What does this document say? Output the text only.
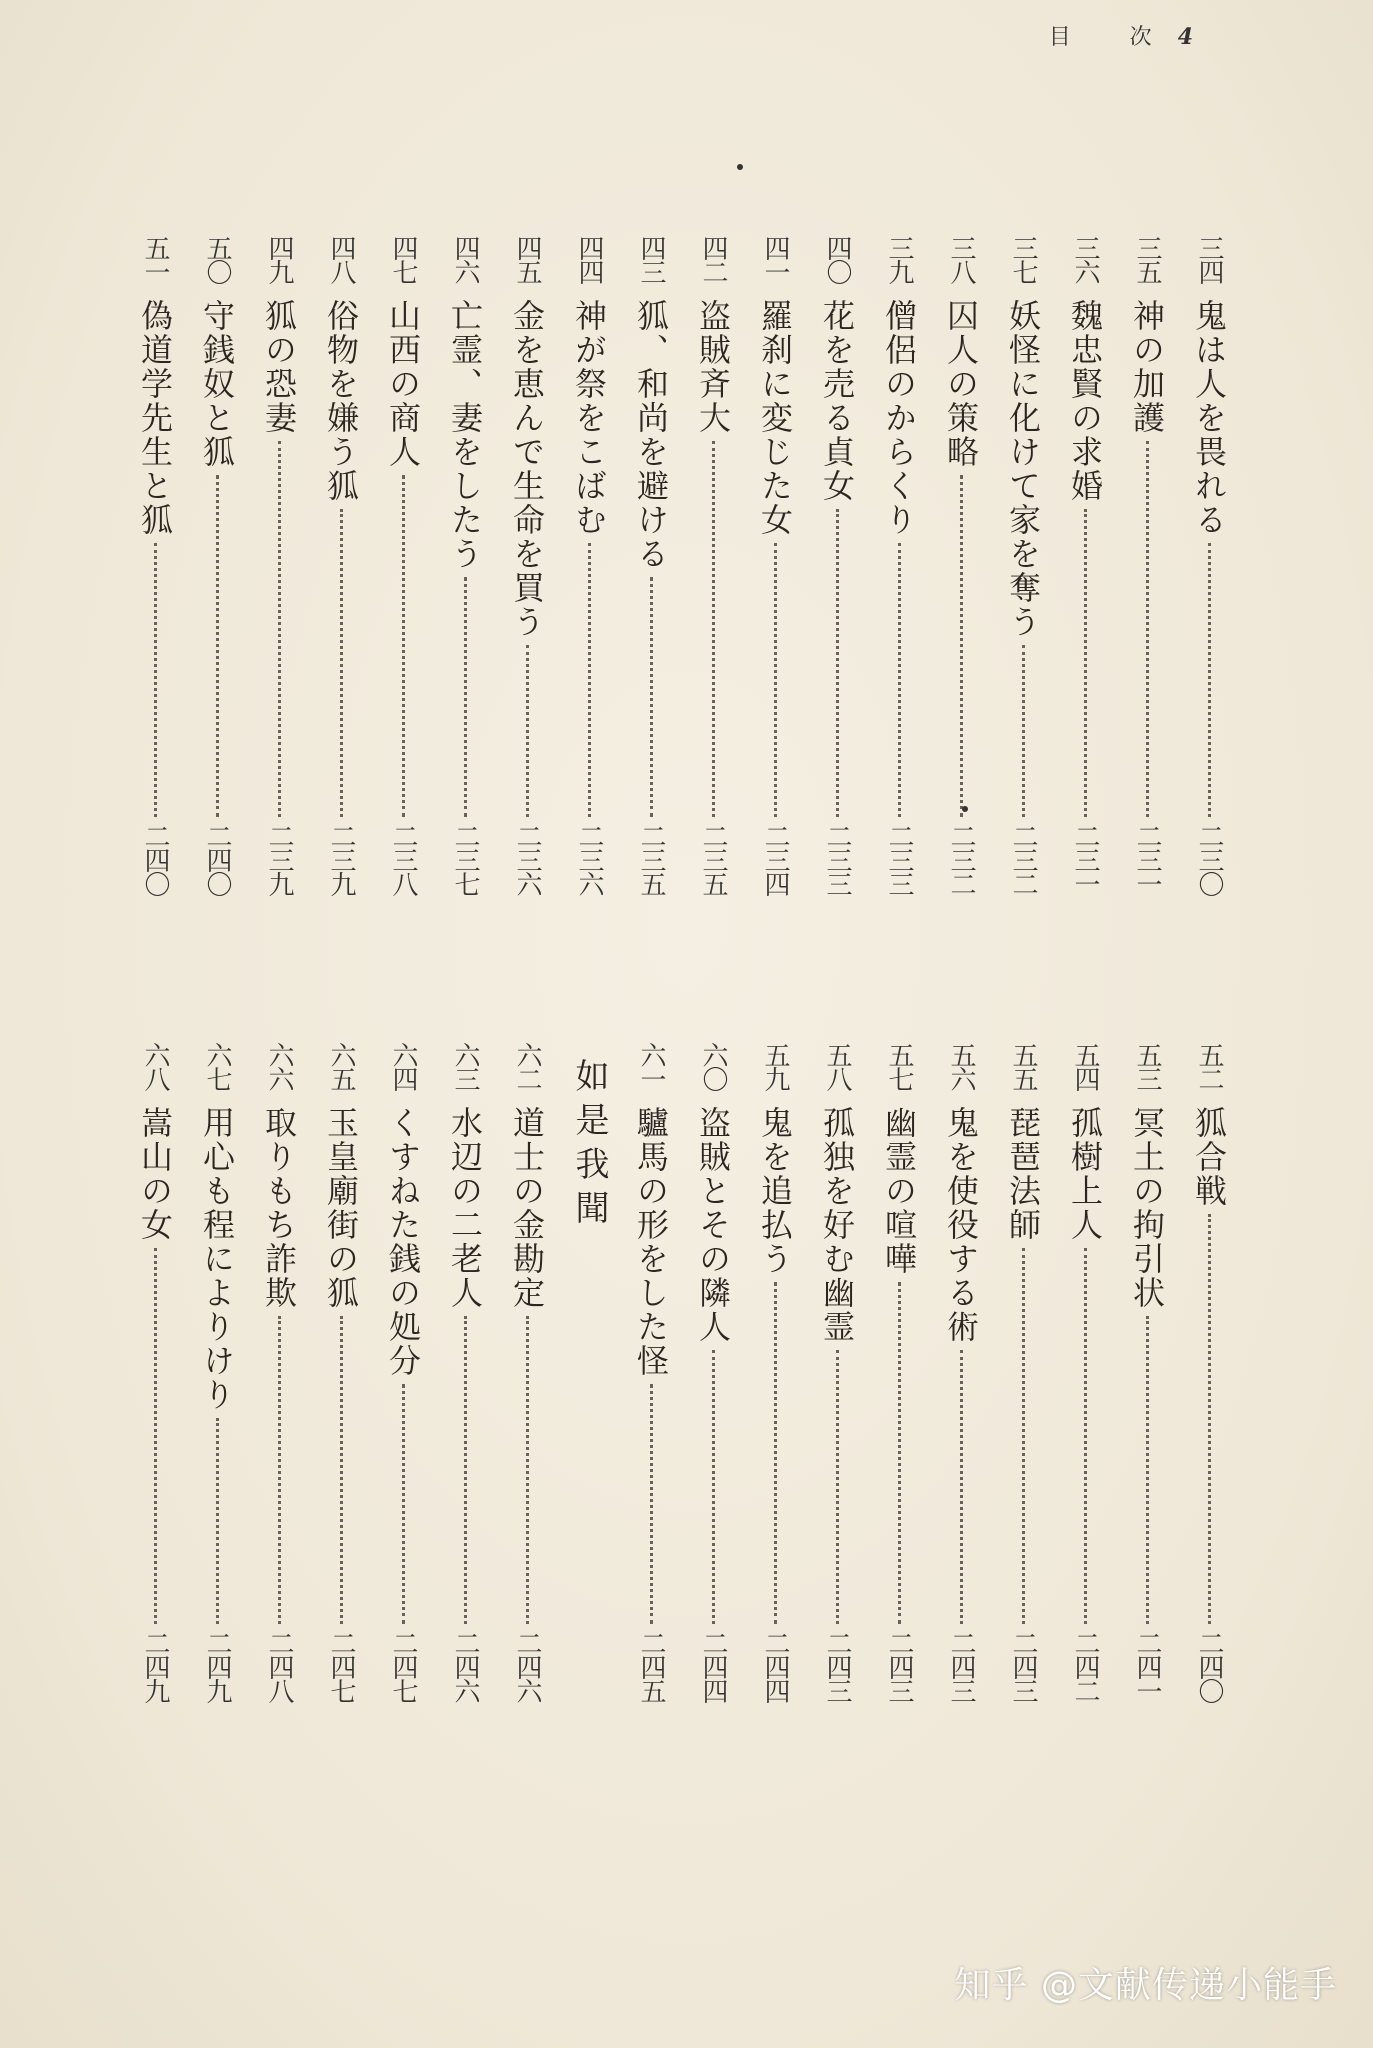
目 次4
三四
鬼は人を畏れる
二三〇
三五
神の加護
二三一
三六
魏忠賢の求婚
二三一
三七
妖怪に化けて家を奪う
二三二
三八
囚人の策略
二三二
三九
僧侶のからくり
二三三
四〇
花を売る貞女
二三三
四一
羅刹に変じた女
二三四
四二
盗賊斉大
二三五
四三
狐、和尚を避ける
二三五
四四
神が祭をこばむ
二三六
四五
金を恵んで生命を買う
二三六
四六
亡霊、妻をしたう
二三七
四七
山西の商人
二三八
四八
俗物を嫌う狐
二三九
四九
狐の恐妻
二三九
五〇
守銭奴と狐
二四〇
五一
偽道学先生と狐
二四〇
五二
狐合戦
二四〇
五三
冥土の拘引状
二四一
五四
孤樹上人
二四二
五五
琵琶法師
二四三
五六
鬼を使役する術
二四三
五七
幽霊の喧嘩
二四三
五八
孤独を好む幽霊
二四三
五九
鬼を追払う
二四四
六〇
盗賊とその隣人
二四四
六一
驢馬の形をした怪
二四五
如是我聞
六二
道士の金勘定
二四六
六三
水辺の二老人
二四六
六四
くすねた銭の処分
二四七
六五
玉皇廟街の狐
二四七
六六
取りもち詐欺
二四八
六七
用心も程によりけり
二四九
六八
嵩山の女
二四九
知乎 @文献传递小能手
